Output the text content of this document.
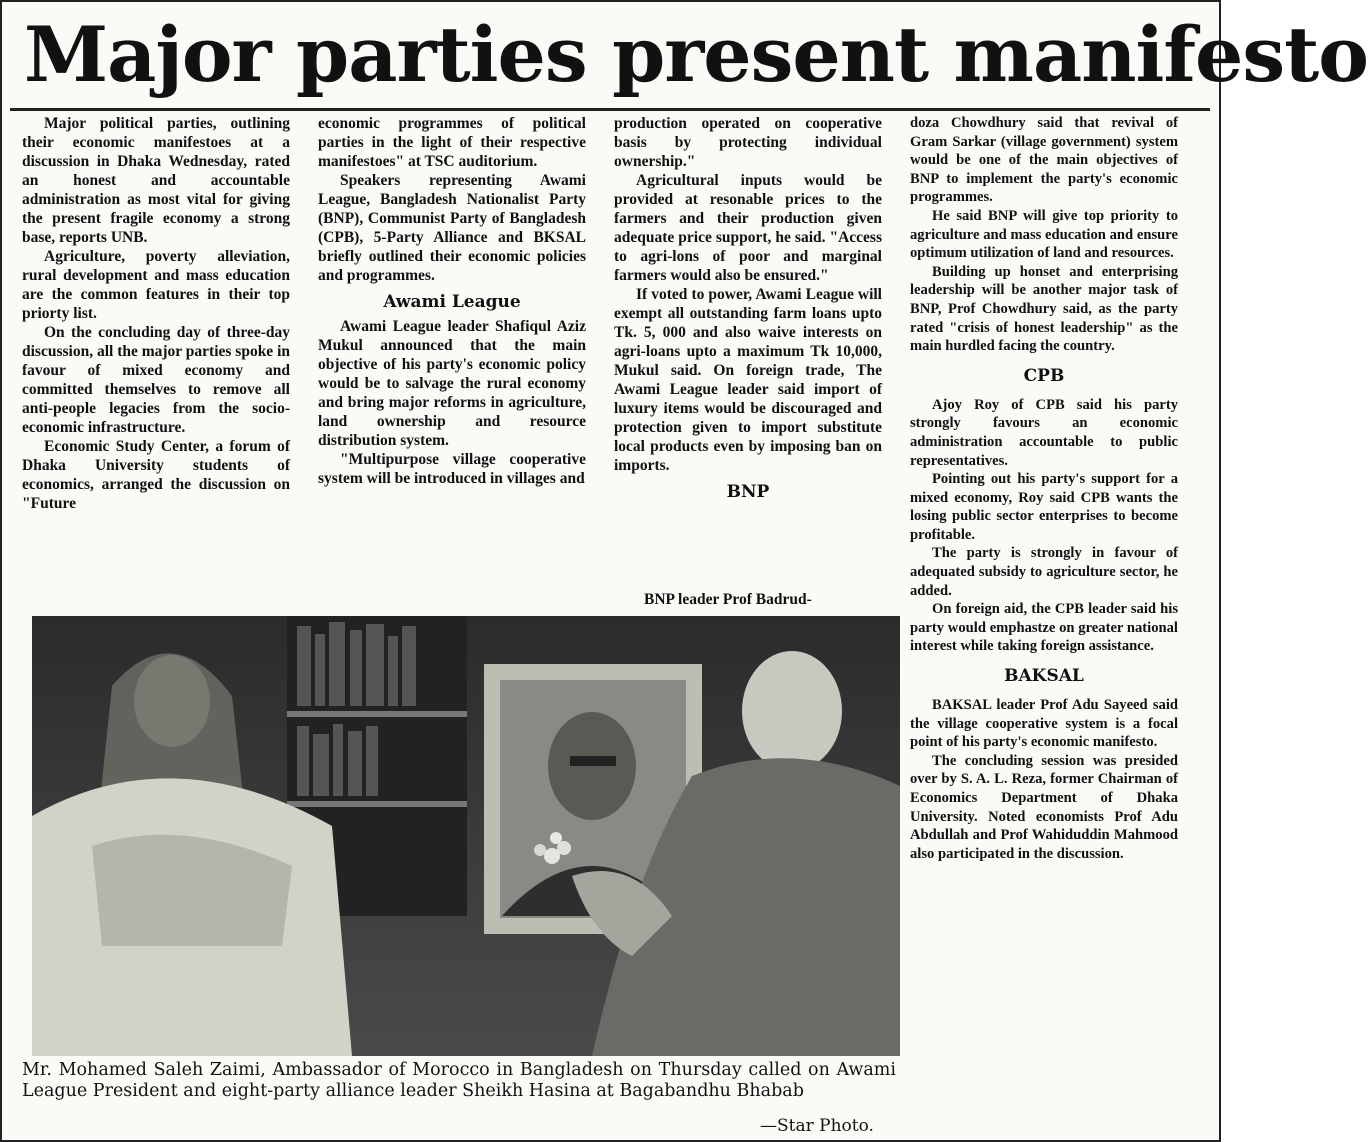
Major parties present manifesto

Major political parties, outlining their economic manifestoes at a discussion in Dhaka Wednesday, rated an honest and accountable administration as most vital for giving the present fragile economy a strong base, reports UNB.

Agriculture, poverty alleviation, rural development and mass education are the common features in their top priorty list.

On the concluding day of three-day discussion, all the major parties spoke in favour of mixed economy and committed themselves to remove all anti-people legacies from the socio-economic infrastructure.

Economic Study Center, a forum of Dhaka University students of economics, arranged the discussion on "Future

economic programmes of political parties in the light of their respective manifestoes" at TSC auditorium.

Speakers representing Awami League, Bangladesh Nationalist Party (BNP), Communist Party of Bangladesh (CPB), 5-Party Alliance and BKSAL briefly outlined their economic policies and programmes.

Awami League

Awami League leader Shafiqul Aziz Mukul announced that the main objective of his party's economic policy would be to salvage the rural economy and bring major reforms in agriculture, land ownership and resource distribution system.

"Multipurpose village cooperative system will be introduced in villages and

production operated on cooperative basis by protecting individual ownership."

Agricultural inputs would be provided at resonable prices to the farmers and their production given adequate price support, he said. "Access to agri-lons of poor and marginal farmers would also be ensured."

If voted to power, Awami League will exempt all outstanding farm loans upto Tk. 5, 000 and also waive interests on agri-loans upto a maximum Tk 10,000, Mukul said. On foreign trade, The Awami League leader said import of luxury items would be discouraged and protection given to import substitute local products even by imposing ban on imports.

BNP
BNP leader Prof Badrud-

doza Chowdhury said that revival of Gram Sarkar (village government) system would be one of the main objectives of BNP to implement the party's economic programmes.

He said BNP will give top priority to agriculture and mass education and ensure optimum utilization of land and resources.

Building up honset and enterprising leadership will be another major task of BNP, Prof Chowdhury said, as the party rated "crisis of honest leadership" as the main hurdled facing the country.

CPB

Ajoy Roy of CPB said his party strongly favours an economic administration accountable to public representatives.

Pointing out his party's support for a mixed economy, Roy said CPB wants the losing public sector enterprises to become profitable.

The party is strongly in favour of adequated subsidy to agriculture sector, he added.

On foreign aid, the CPB leader said his party would emphastze on greater national interest while taking foreign assistance.

BAKSAL

BAKSAL leader Prof Adu Sayeed said the village cooperative system is a focal point of his party's economic manifesto.

The concluding session was presided over by S. A. L. Reza, former Chairman of Economics Department of Dhaka University. Noted economists Prof Adu Abdullah and Prof Wahiduddin Mahmood also participated in the discussion.

Mr. Mohamed Saleh Zaimi, Ambassador of Morocco in Bangladesh on Thursday called on Awami League President and eight-party alliance leader Sheikh Hasina at Bagabandhu Bhabab
—Star Photo.
